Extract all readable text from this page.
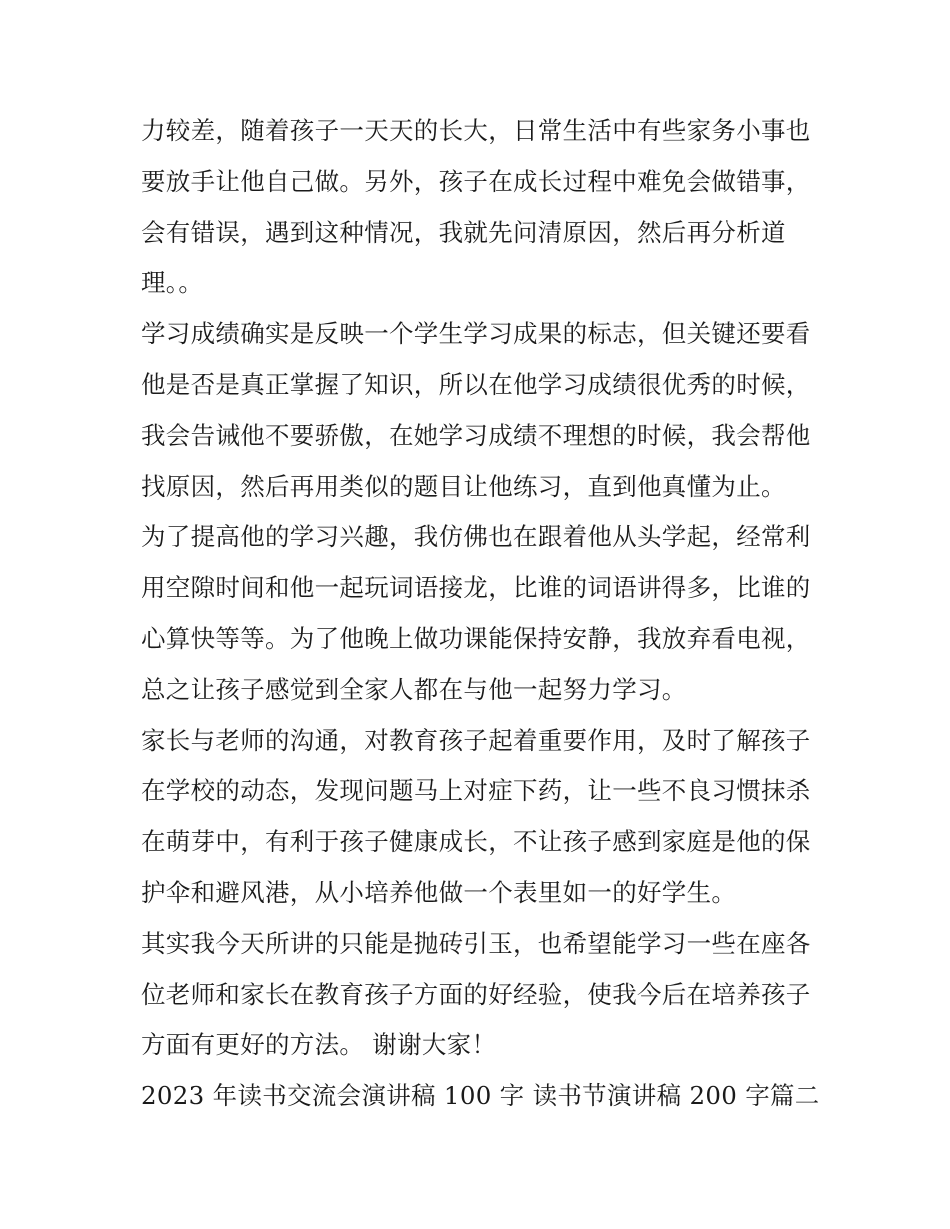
力较差，随着孩子一天天的长大，日常生活中有些家务小事也
要放手让他自己做。另外，孩子在成长过程中难免会做错事，
会有错误，遇到这种情况，我就先问清原因，然后再分析道
理。。
学习成绩确实是反映一个学生学习成果的标志，但关键还要看
他是否是真正掌握了知识，所以在他学习成绩很优秀的时候，
我会告诫他不要骄傲，在她学习成绩不理想的时候，我会帮他
找原因，然后再用类似的题目让他练习，直到他真懂为止。
为了提高他的学习兴趣，我仿佛也在跟着他从头学起，经常利
用空隙时间和他一起玩词语接龙，比谁的词语讲得多，比谁的
心算快等等。为了他晚上做功课能保持安静，我放弃看电视，
总之让孩子感觉到全家人都在与他一起努力学习。
家长与老师的沟通，对教育孩子起着重要作用，及时了解孩子
在学校的动态，发现问题马上对症下药，让一些不良习惯抹杀
在萌芽中，有利于孩子健康成长，不让孩子感到家庭是他的保
护伞和避风港，从小培养他做一个表里如一的好学生。
其实我今天所讲的只能是抛砖引玉，也希望能学习一些在座各
位老师和家长在教育孩子方面的好经验，使我今后在培养孩子
方面有更好的方法。 谢谢大家！
2023 年读书交流会演讲稿 100 字 读书节演讲稿 200 字篇二
